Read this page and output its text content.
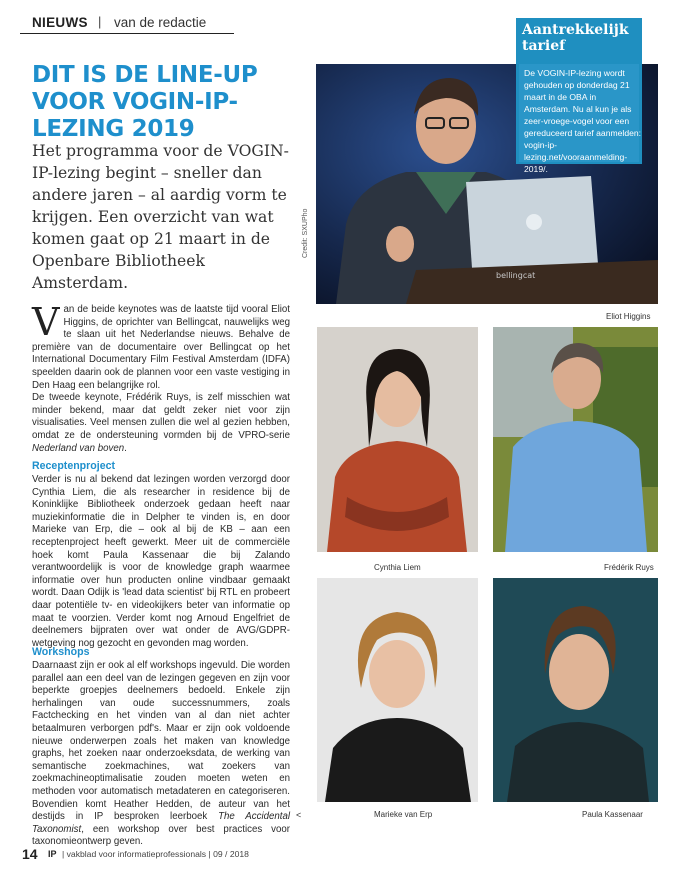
NIEUWS | van de redactie
DIT IS DE LINE-UP VOOR VOGIN-IP-LEZING 2019
Het programma voor de VOGIN-IP-lezing begint – sneller dan andere jaren – al aardig vorm te krijgen. Een overzicht van wat komen gaat op 21 maart in de Openbare Bibliotheek Amsterdam.

Van de beide keynotes was de laatste tijd vooral Eliot Higgins, de oprichter van Bellingcat, nauwelijks weg te slaan uit het Nederlandse nieuws. Behalve de première van de documentaire over Bellingcat op het International Documentary Film Festival Amsterdam (IDFA) speelden daarin ook de plannen voor een vaste vestiging in Den Haag een belangrijke rol.

De tweede keynote, Frédérik Ruys, is zelf misschien wat minder bekend, maar dat geldt zeker niet voor zijn visualisaties. Veel mensen zullen die wel al gezien hebben, omdat ze de ondersteuning vormden bij de VPRO-serie Nederland van boven.

Receptenproject
Verder is nu al bekend dat lezingen worden verzorgd door Cynthia Liem, die als researcher in residence bij de Koninklijke Bibliotheek onderzoek gedaan heeft naar muziekinformatie die in Delpher te vinden is, en door Marieke van Erp, die – ook al bij de KB – aan een receptenproject heeft gewerkt. Meer uit de commerciële hoek komt Paula Kassenaar die bij Zalando verantwoordelijk is voor de knowledge graph waarmee informatie over hun producten online vindbaar gemaakt wordt. Daan Odijk is 'lead data scientist' bij RTL en probeert daar potentiële tv- en videokijkers beter van informatie op maat te voorzien. Verder komt nog Arnoud Engelfriet de deelnemers bijpraten over wat onder de AVG/GDPR-wetgeving nog gezocht en gevonden mag worden.
Workshops
Daarnaast zijn er ook al elf workshops ingevuld. Die worden parallel aan een deel van de lezingen gegeven en zijn voor beperkte groepjes deelnemers bedoeld. Enkele zijn herhalingen van oude successnummers, zoals Factchecking en het vinden van al dan niet achter betaalmuren verborgen pdf's. Maar er zijn ook voldoende nieuwe onderwerpen zoals het maken van knowledge graphs, het zoeken naar onderzoeksdata, de werking van semantische zoekmachines, wat zoekers van zoekmachineoptimalisatie zouden moeten weten en methoden voor automatisch metadateren en categoriseren. Bovendien komt Heather Hedden, de auteur van het destijds in IP besproken leerboek The Accidental Taxonomist, een workshop over best practices voor taxonomieontwerp geven.
<
bellingcat
Credit: SXUPho
Eliot Higgins
Aantrekkelijk tarief
De VOGIN-IP-lezing wordt gehouden op donderdag 21 maart in de OBA in Amsterdam. Nu al kun je als zeer-vroege-vogel voor een gereduceerd tarief aanmelden: vogin-ip-lezing.net/vooraanmelding-2019/.
Cynthia Liem	Frédérik Ruys
Marieke van Erp	Paula Kassenaar
14 IP | vakblad voor informatieprofessionals | 09 / 2018
